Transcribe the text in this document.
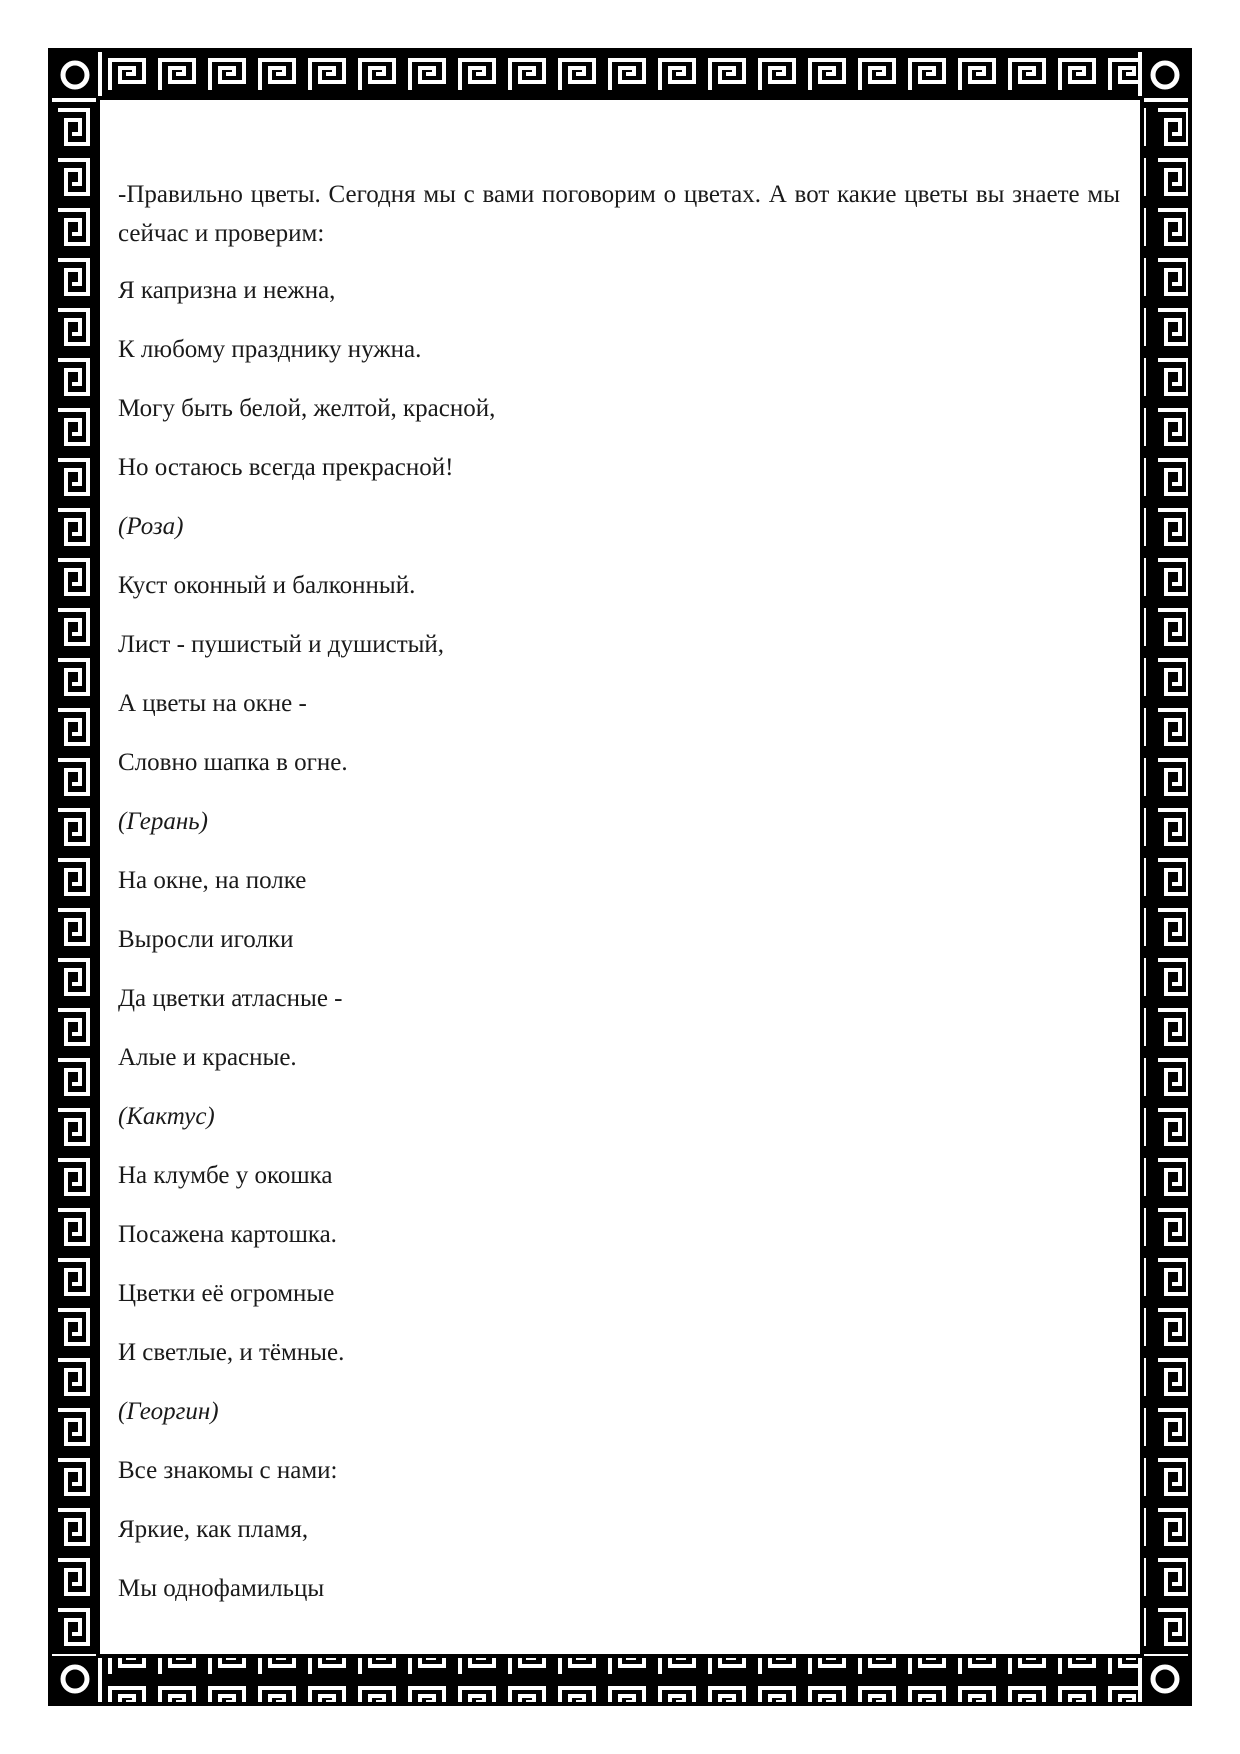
-Правильно цветы. Сегодня мы с вами поговорим о цветах. А вот какие цветы вы знаете мы сейчас и проверим:

Я капризна и нежна,
К любому празднику нужна.
Могу быть белой, желтой, красной,
Но остаюсь всегда прекрасной!
(Роза)
Куст оконный и балконный.
Лист - пушистый и душистый,
А цветы на окне -
Словно шапка в огне.
(Герань)
На окне, на полке
Выросли иголки
Да цветки атласные -
Алые и красные.
(Кактус)
На клумбе у окошка
Посажена картошка.
Цветки её огромные
И светлые, и тёмные.
(Георгин)
Все знакомы с нами:
Яркие, как пламя,
Мы однофамильцы
